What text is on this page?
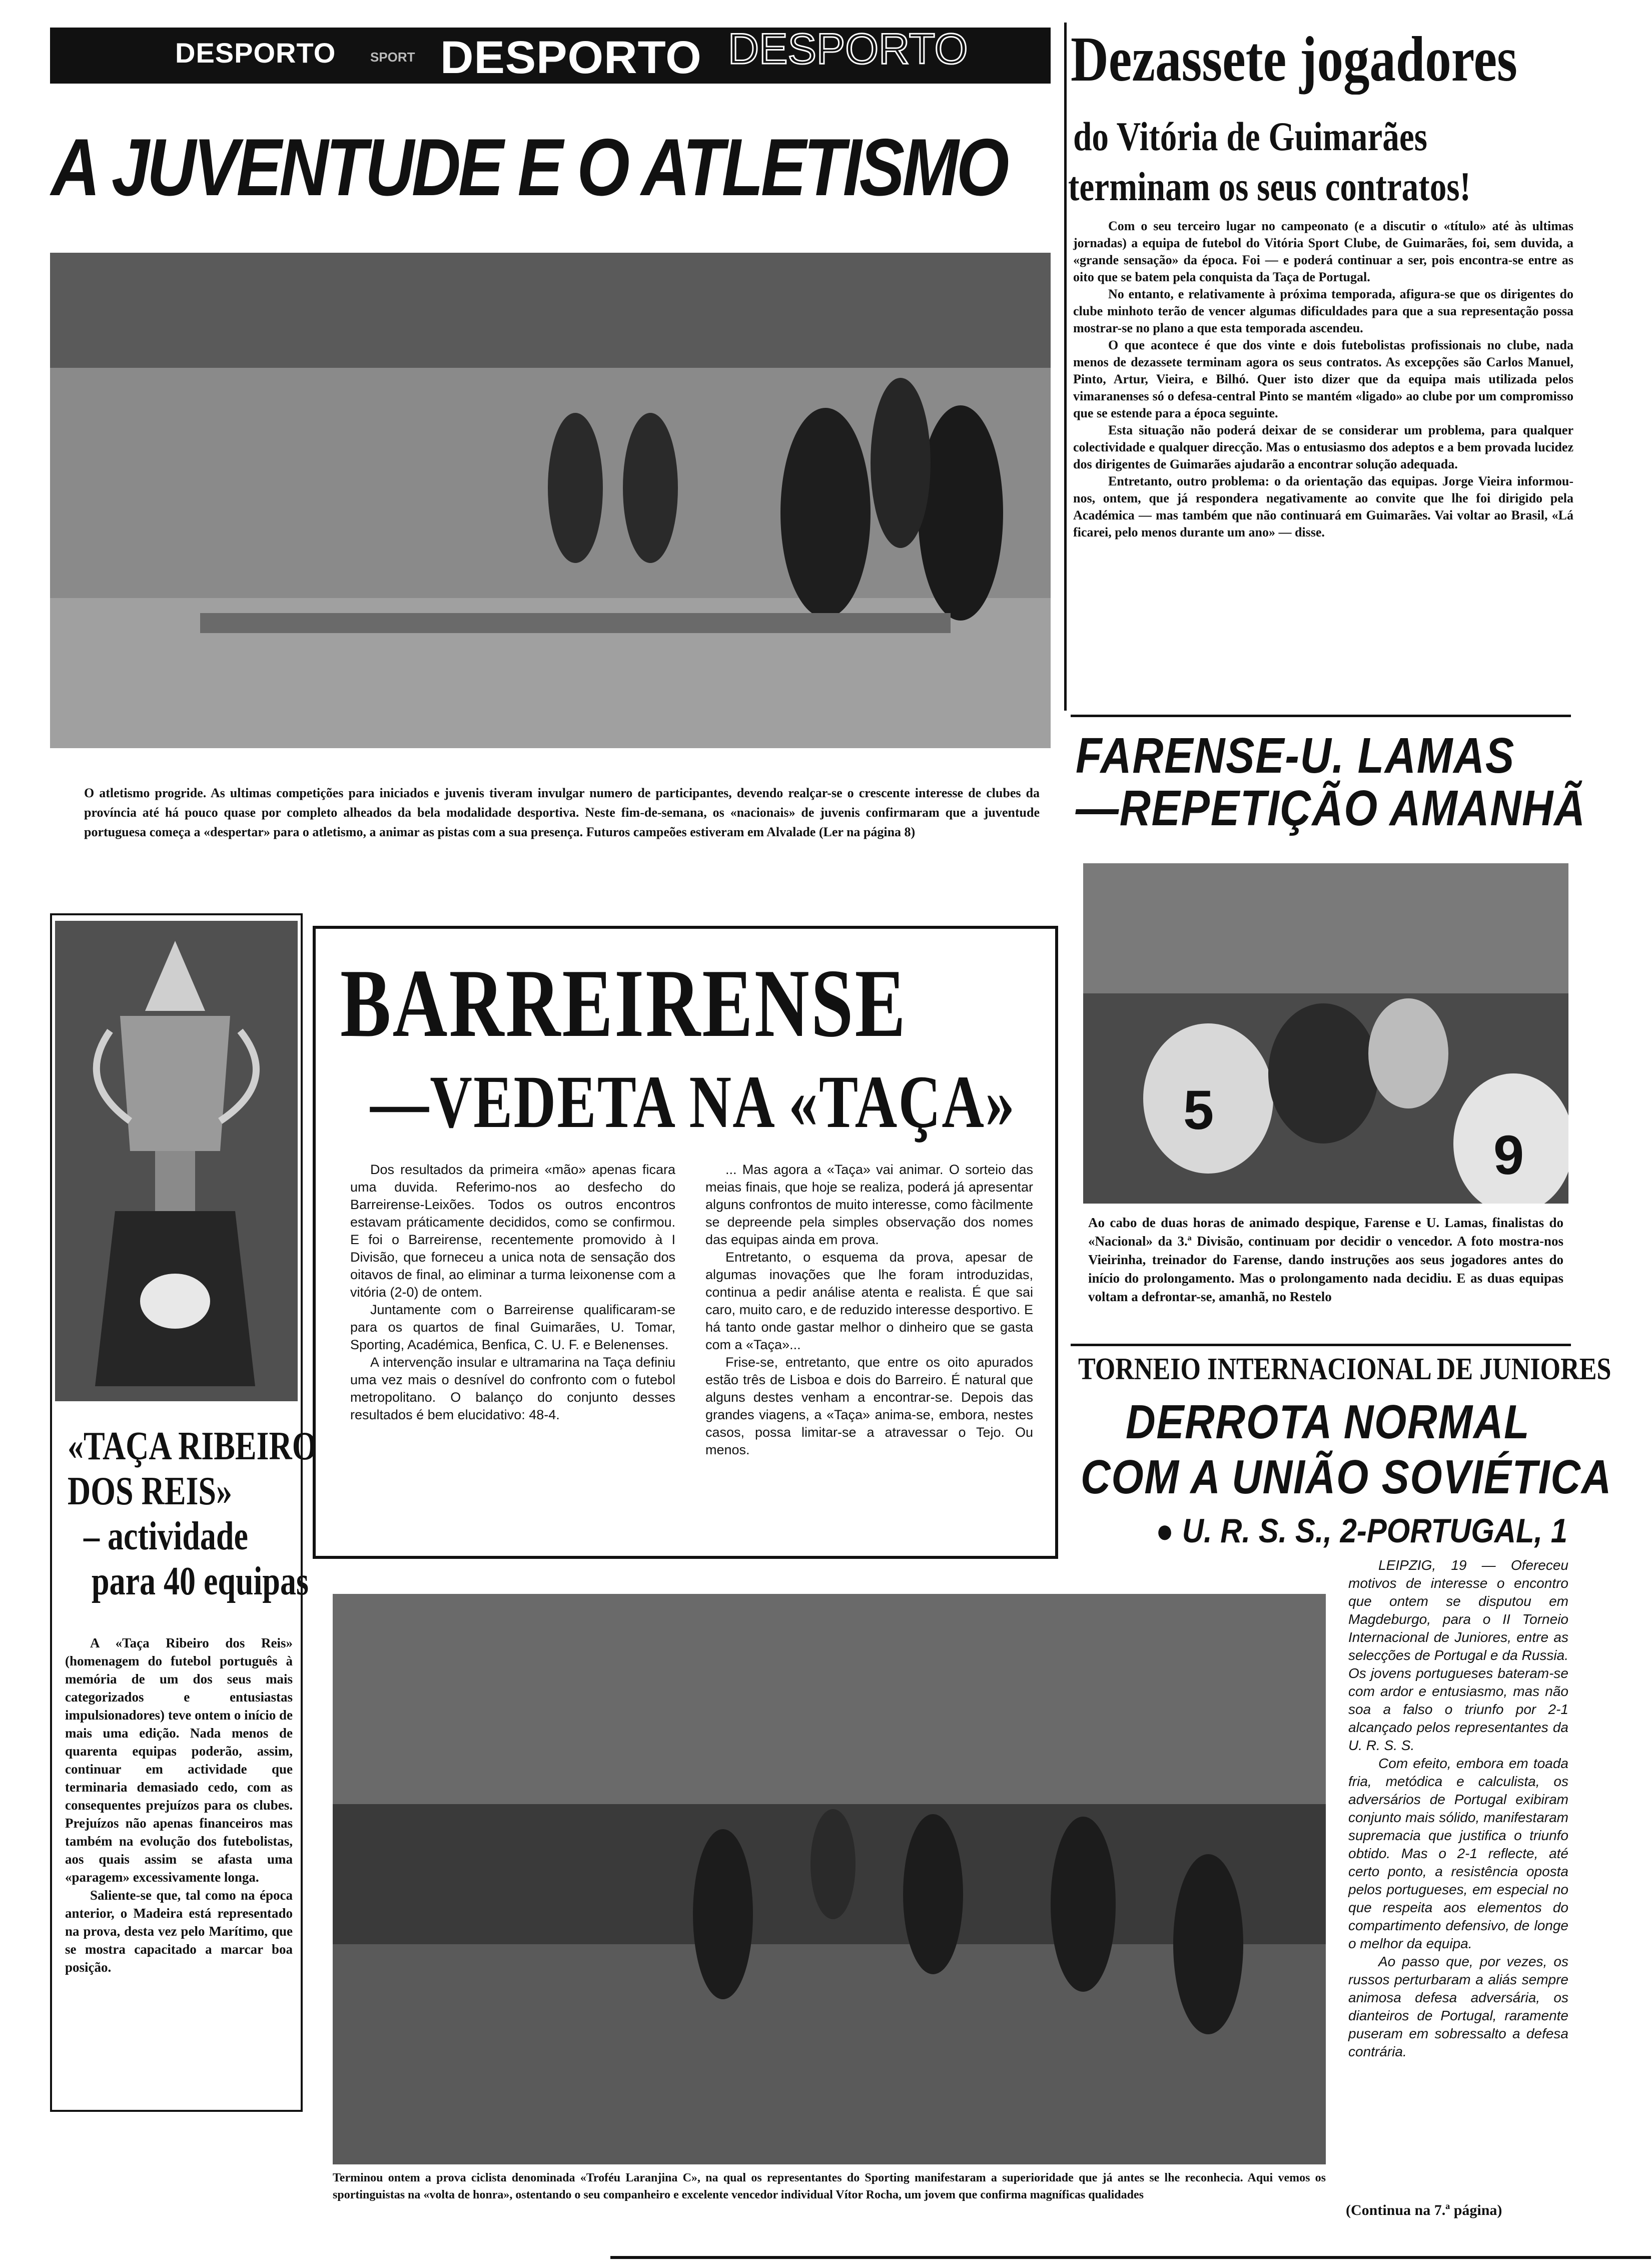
DESPORTO	SPORT DESPORTO DESPORTO
A JUVENTUDE E O ATLETISMO
O atletismo progride. As ultimas competições para iniciados e juvenis tiveram invulgar numero de participantes, devendo realçar-se o crescente interesse de clubes da província até há pouco quase por completo alheados da bela modalidade desportiva. Neste fim-de-semana, os «nacionais» de juvenis confirmaram que a juventude portuguesa começa a «despertar» para o atletismo, a animar as pistas com a sua presença. Futuros campeões estiveram em Alvalade (Ler na página 8)
Dezassete jogadores
do Vitória de Guimarães
terminam os seus contratos!
Com o seu terceiro lugar no campeonato (e a discutir o «título» até às ultimas jornadas) a equipa de futebol do Vitória Sport Clube, de Guimarães, foi, sem duvida, a «grande sensação» da época. Foi — e poderá continuar a ser, pois encontra-se entre as oito que se batem pela conquista da Taça de Portugal.
No entanto, e relativamente à próxima temporada, afigura-se que os dirigentes do clube minhoto terão de vencer algumas dificuldades para que a sua representação possa mostrar-se no plano a que esta temporada ascendeu.
O que acontece é que dos vinte e dois futebolistas profissionais no clube, nada menos de dezassete terminam agora os seus contratos. As excepções são Carlos Manuel, Pinto, Artur, Vieira, e Bilhó. Quer isto dizer que da equipa mais utilizada pelos vimaranenses só o defesa-central Pinto se mantém «ligado» ao clube por um compromisso que se estende para a época seguinte.
Esta situação não poderá deixar de se considerar um problema, para qualquer colectividade e qualquer direcção. Mas o entusiasmo dos adeptos e a bem provada lucidez dos dirigentes de Guimarães ajudarão a encontrar solução adequada.
Entretanto, outro problema: o da orientação das equipas. Jorge Vieira informou-nos, ontem, que já respondera negativamente ao convite que lhe foi dirigido pela Académica — mas também que não continuará em Guimarães. Vai voltar ao Brasil, «Lá ficarei, pelo menos durante um ano» — disse.
FARENSE-U. LAMAS
—REPETIÇÃO AMANHÃ
5
9
Ao cabo de duas horas de animado despique, Farense e U. Lamas, finalistas do «Nacional» da 3.ª Divisão, continuam por decidir o vencedor. A foto mostra-nos Vieirinha, treinador do Farense, dando instruções aos seus jogadores antes do início do prolongamento. Mas o prolongamento nada decidiu. E as duas equipas voltam a defrontar-se, amanhã, no Restelo
TORNEIO INTERNACIONAL DE JUNIORES
DERROTA NORMAL
COM A UNIÃO SOVIÉTICA
● U. R. S. S., 2-PORTUGAL, 1
LEIPZIG, 19 — Ofereceu motivos de interesse o encontro que ontem se disputou em Magdeburgo, para o II Torneio Internacional de Juniores, entre as selecções de Portugal e da Russia. Os jovens portugueses bateram-se com ardor e entusiasmo, mas não soa a falso o triunfo por 2-1 alcançado pelos representantes da U. R. S. S.
Com efeito, embora em toada fria, metódica e calculista, os adversários de Portugal exibiram conjunto mais sólido, manifestaram supremacia que justifica o triunfo obtido. Mas o 2-1 reflecte, até certo ponto, a resistência oposta pelos portugueses, em especial no que respeita aos elementos do compartimento defensivo, de longe o melhor da equipa.
Ao passo que, por vezes, os russos perturbaram a aliás sempre animosa defesa adversária, os dianteiros de Portugal, raramente puseram em sobressalto a defesa contrária.
(Continua na 7.ª página)
BARREIRENSE
—VEDETA NA «TAÇA»
Dos resultados da primeira «mão» apenas ficara uma duvida. Referimo-nos ao desfecho do Barreirense-Leixões. Todos os outros encontros estavam práticamente decididos, como se confirmou. E foi o Barreirense, recentemente promovido à I Divisão, que forneceu a unica nota de sensação dos oitavos de final, ao eliminar a turma leixonense com a vitória (2-0) de ontem.
Juntamente com o Barreirense qualificaram-se para os quartos de final Guimarães, U. Tomar, Sporting, Académica, Benfica, C. U. F. e Belenenses.
A intervenção insular e ultramarina na Taça definiu uma vez mais o desnível do confronto com o futebol metropolitano. O balanço do conjunto desses resultados é bem elucidativo: 48-4.
... Mas agora a «Taça» vai animar. O sorteio das meias finais, que hoje se realiza, poderá já apresentar alguns confrontos de muito interesse, como fàcilmente se depreende pela simples observação dos nomes das equipas ainda em prova.
Entretanto, o esquema da prova, apesar de algumas inovações que lhe foram introduzidas, continua a pedir análise atenta e realista. É que sai caro, muito caro, e de reduzido interesse desportivo. E há tanto onde gastar melhor o dinheiro que se gasta com a «Taça»...
Frise-se, entretanto, que entre os oito apurados estão três de Lisboa e dois do Barreiro. É natural que alguns destes venham a encontrar-se. Depois das grandes viagens, a «Taça» anima-se, embora, nestes casos, possa limitar-se a atravessar o Tejo. Ou menos.
«TAÇA RIBEIRO
DOS REIS»
– actividade
para 40 equipas
A «Taça Ribeiro dos Reis» (homenagem do futebol português à memória de um dos seus mais categorizados e entusiastas impulsionadores) teve ontem o início de mais uma edição. Nada menos de quarenta equipas poderão, assim, continuar em actividade que terminaria demasiado cedo, com as consequentes prejuízos para os clubes. Prejuízos não apenas financeiros mas também na evolução dos futebolistas, aos quais assim se afasta uma «paragem» excessivamente longa.
Saliente-se que, tal como na época anterior, o Madeira está representado na prova, desta vez pelo Marítimo, que se mostra capacitado a marcar boa posição.
Terminou ontem a prova ciclista denominada «Troféu Laranjina C», na qual os representantes do Sporting manifestaram a superioridade que já antes se lhe reconhecia. Aqui vemos os sportinguistas na «volta de honra», ostentando o seu companheiro e excelente vencedor individual Vítor Rocha, um jovem que confirma magníficas qualidades
